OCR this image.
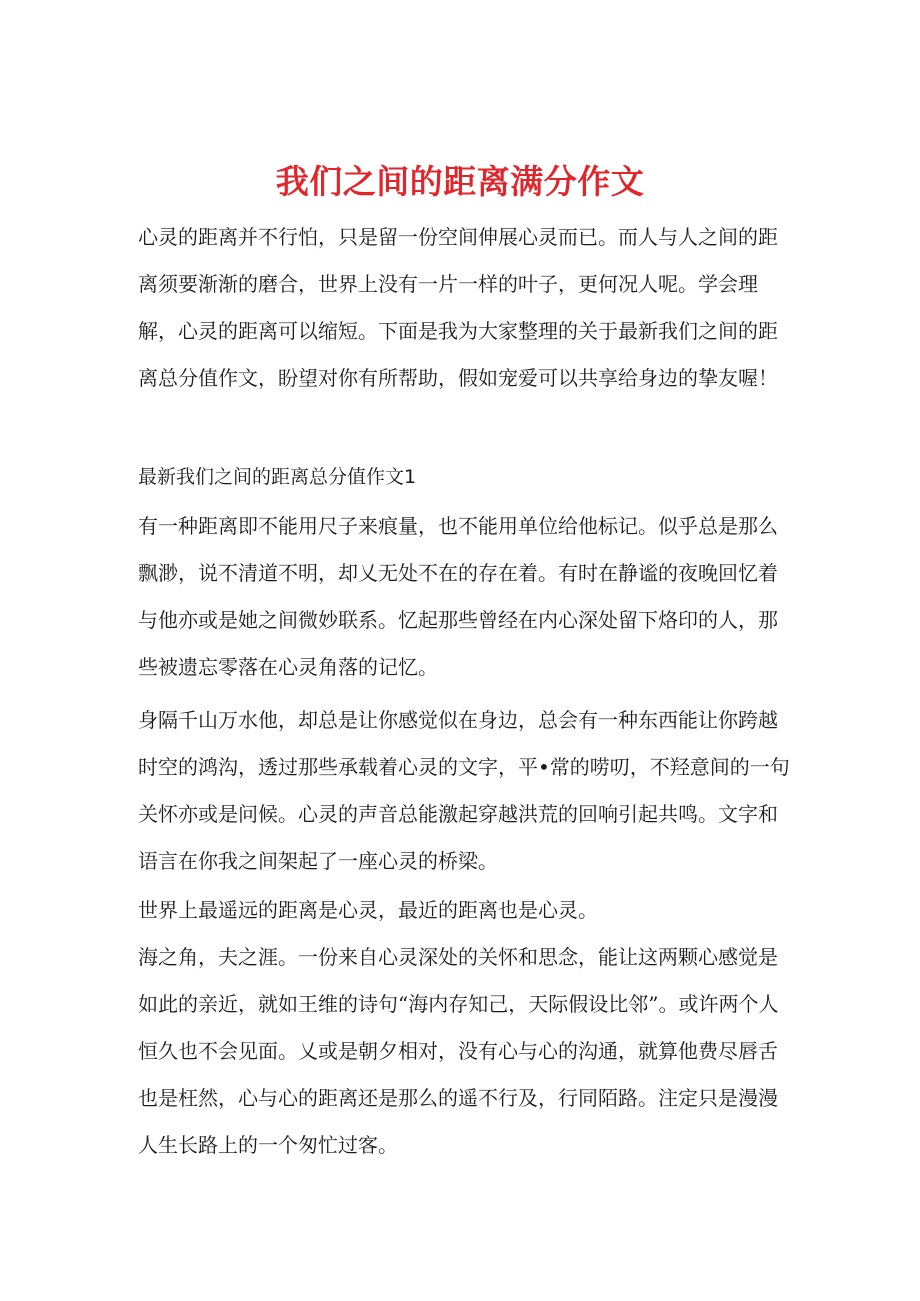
我们之间的距离满分作文

心灵的距离并不行怕，只是留一份空间伸展心灵而已。而人与人之间的距离须要渐渐的磨合，世界上没有一片一样的叶子，更何况人呢。学会理解，心灵的距离可以缩短。下面是我为大家整理的关于最新我们之间的距离总分值作文，盼望对你有所帮助，假如宠爱可以共享给身边的挚友喔！

最新我们之间的距离总分值作文1

有一种距离即不能用尺子来痕量，也不能用单位给他标记。似乎总是那么飘渺，说不清道不明，却乂无处不在的存在着。有时在静谧的夜晚回忆着与他亦或是她之间微妙联系。忆起那些曾经在内心深处留下烙印的人，那些被遗忘零落在心灵角落的记忆。

身隔千山万水他，却总是让你感觉似在身边，总会有一种东西能让你跨越时空的鸿沟，透过那些承载着心灵的文字，平•常的唠叨，不羟意间的一句关怀亦或是问候。心灵的声音总能激起穿越洪荒的回响引起共鸣。文字和语言在你我之间架起了一座心灵的桥梁。

世界上最遥远的距离是心灵，最近的距离也是心灵。

海之角，夫之涯。一份来自心灵深处的关怀和思念，能让这两颗心感觉是如此的亲近，就如王维的诗句“海内存知己，天际假设比邻”。或许两个人恒久也不会见面。乂或是朝夕相对，没有心与心的沟通，就算他费尽唇舌也是枉然，心与心的距离还是那么的遥不行及，行同陌路。注定只是漫漫人生长路上的一个匆忙过客。
